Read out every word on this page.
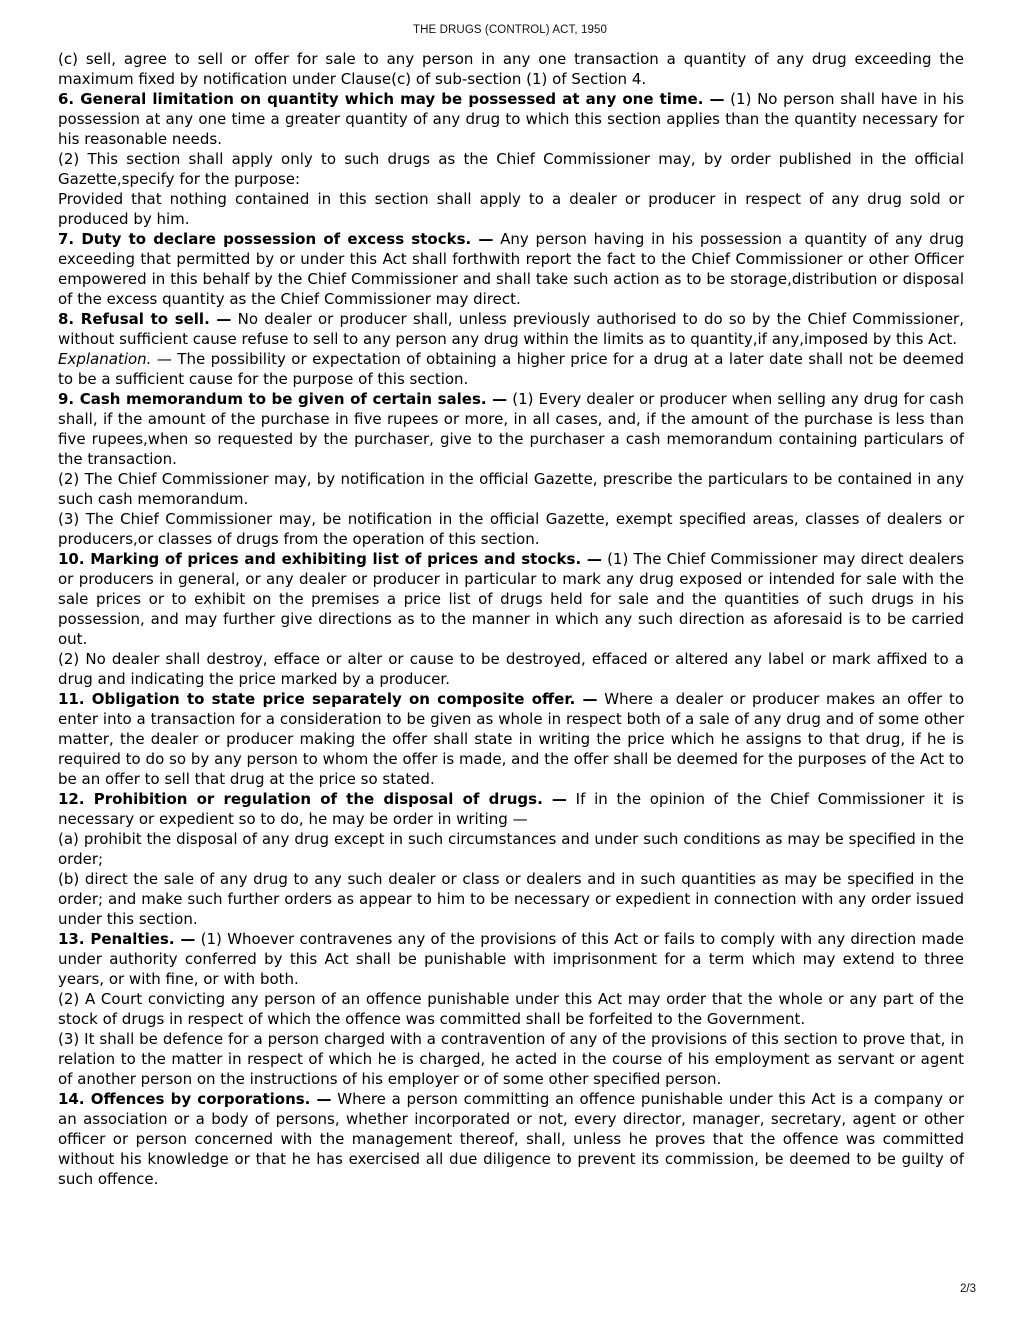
THE DRUGS (CONTROL) ACT, 1950

(c) sell, agree to sell or offer for sale to any person in any one transaction a quantity of any drug exceeding the maximum fixed by notification under Clause(c) of sub-section (1) of Section 4.

6. General limitation on quantity which may be possessed at any one time. — (1) No person shall have in his possession at any one time a greater quantity of any drug to which this section applies than the quantity necessary for his reasonable needs.

(2) This section shall apply only to such drugs as the Chief Commissioner may, by order published in the official Gazette,specify for the purpose:

Provided that nothing contained in this section shall apply to a dealer or producer in respect of any drug sold or produced by him.

7. Duty to declare possession of excess stocks. — Any person having in his possession a quantity of any drug exceeding that permitted by or under this Act shall forthwith report the fact to the Chief Commissioner or other Officer empowered in this behalf by the Chief Commissioner and shall take such action as to be storage,distribution or disposal of the excess quantity as the Chief Commissioner may direct.

8. Refusal to sell. — No dealer or producer shall, unless previously authorised to do so by the Chief Commissioner, without sufficient cause refuse to sell to any person any drug within the limits as to quantity,if any,imposed by this Act.

Explanation. — The possibility or expectation of obtaining a higher price for a drug at a later date shall not be deemed to be a sufficient cause for the purpose of this section.

9. Cash memorandum to be given of certain sales. — (1) Every dealer or producer when selling any drug for cash shall, if the amount of the purchase in five rupees or more, in all cases, and, if the amount of the purchase is less than five rupees,when so requested by the purchaser, give to the purchaser a cash memorandum containing particulars of the transaction.

(2) The Chief Commissioner may, by notification in the official Gazette, prescribe the particulars to be contained in any such cash memorandum.

(3) The Chief Commissioner may, be notification in the official Gazette, exempt specified areas, classes of dealers or producers,or classes of drugs from the operation of this section.

10. Marking of prices and exhibiting list of prices and stocks. — (1) The Chief Commissioner may direct dealers or producers in general, or any dealer or producer in particular to mark any drug exposed or intended for sale with the sale prices or to exhibit on the premises a price list of drugs held for sale and the quantities of such drugs in his possession, and may further give directions as to the manner in which any such direction as aforesaid is to be carried out.

(2) No dealer shall destroy, efface or alter or cause to be destroyed, effaced or altered any label or mark affixed to a drug and indicating the price marked by a producer.

11. Obligation to state price separately on composite offer. — Where a dealer or producer makes an offer to enter into a transaction for a consideration to be given as whole in respect both of a sale of any drug and of some other matter, the dealer or producer making the offer shall state in writing the price which he assigns to that drug, if he is required to do so by any person to whom the offer is made, and the offer shall be deemed for the purposes of the Act to be an offer to sell that drug at the price so stated.

12. Prohibition or regulation of the disposal of drugs. — If in the opinion of the Chief Commissioner it is necessary or expedient so to do, he may be order in writing —

(a) prohibit the disposal of any drug except in such circumstances and under such conditions as may be specified in the order;

(b) direct the sale of any drug to any such dealer or class or dealers and in such quantities as may be specified in the order; and make such further orders as appear to him to be necessary or expedient in connection with any order issued under this section.

13. Penalties. — (1) Whoever contravenes any of the provisions of this Act or fails to comply with any direction made under authority conferred by this Act shall be punishable with imprisonment for a term which may extend to three years, or with fine, or with both.

(2) A Court convicting any person of an offence punishable under this Act may order that the whole or any part of the stock of drugs in respect of which the offence was committed shall be forfeited to the Government.

(3) It shall be defence for a person charged with a contravention of any of the provisions of this section to prove that, in relation to the matter in respect of which he is charged, he acted in the course of his employment as servant or agent of another person on the instructions of his employer or of some other specified person.

14. Offences by corporations. — Where a person committing an offence punishable under this Act is a company or an association or a body of persons, whether incorporated or not, every director, manager, secretary, agent or other officer or person concerned with the management thereof, shall, unless he proves that the offence was committed without his knowledge or that he has exercised all due diligence to prevent its commission, be deemed to be guilty of such offence.

2/3
